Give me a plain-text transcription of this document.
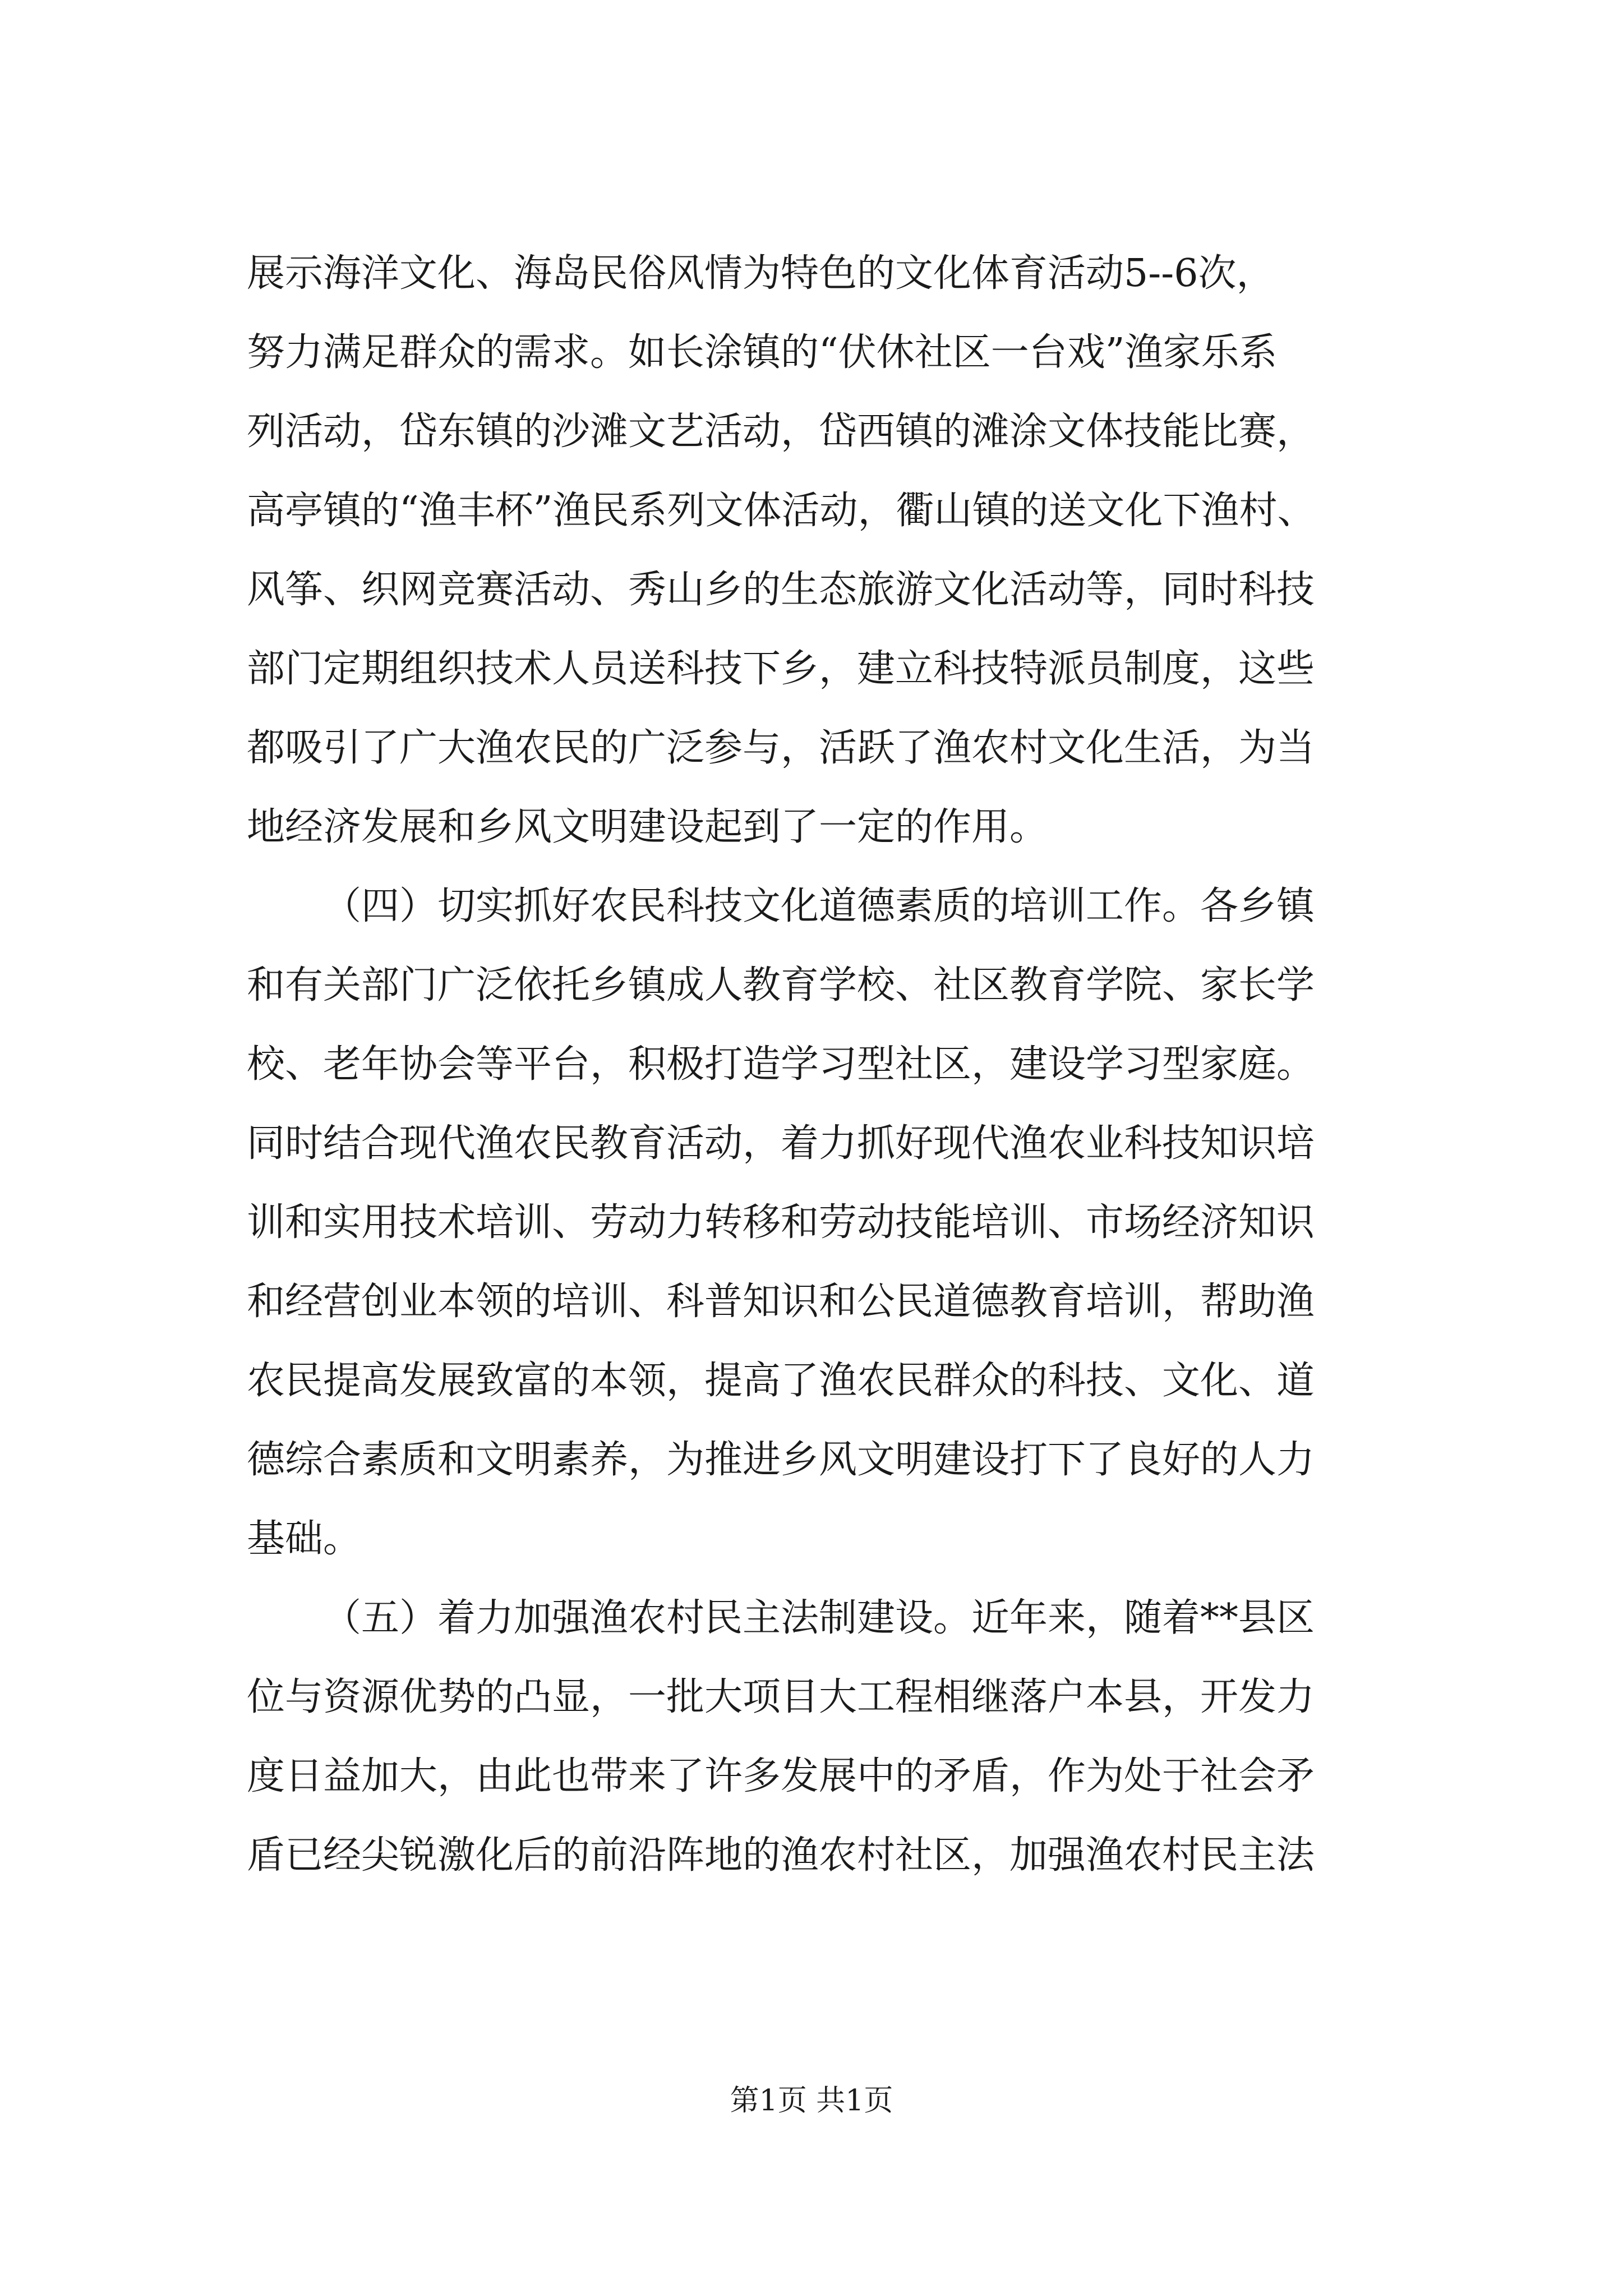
展示海洋文化、海岛民俗风情为特色的文化体育活动5--6次，
努力满足群众的需求。如长涂镇的“伏休社区一台戏”渔家乐系
列活动，岱东镇的沙滩文艺活动，岱西镇的滩涂文体技能比赛，
高亭镇的“渔丰杯”渔民系列文体活动，衢山镇的送文化下渔村、
风筝、织网竞赛活动、秀山乡的生态旅游文化活动等，同时科技
部门定期组织技术人员送科技下乡，建立科技特派员制度，这些
都吸引了广大渔农民的广泛参与，活跃了渔农村文化生活，为当
地经济发展和乡风文明建设起到了一定的作用。
（四）切实抓好农民科技文化道德素质的培训工作。各乡镇
和有关部门广泛依托乡镇成人教育学校、社区教育学院、家长学
校、老年协会等平台，积极打造学习型社区，建设学习型家庭。
同时结合现代渔农民教育活动，着力抓好现代渔农业科技知识培
训和实用技术培训、劳动力转移和劳动技能培训、市场经济知识
和经营创业本领的培训、科普知识和公民道德教育培训，帮助渔
农民提高发展致富的本领，提高了渔农民群众的科技、文化、道
德综合素质和文明素养，为推进乡风文明建设打下了良好的人力
基础。
（五）着力加强渔农村民主法制建设。近年来，随着**县区
位与资源优势的凸显，一批大项目大工程相继落户本县，开发力
度日益加大，由此也带来了许多发展中的矛盾，作为处于社会矛
盾已经尖锐激化后的前沿阵地的渔农村社区，加强渔农村民主法
第1页 共1页
